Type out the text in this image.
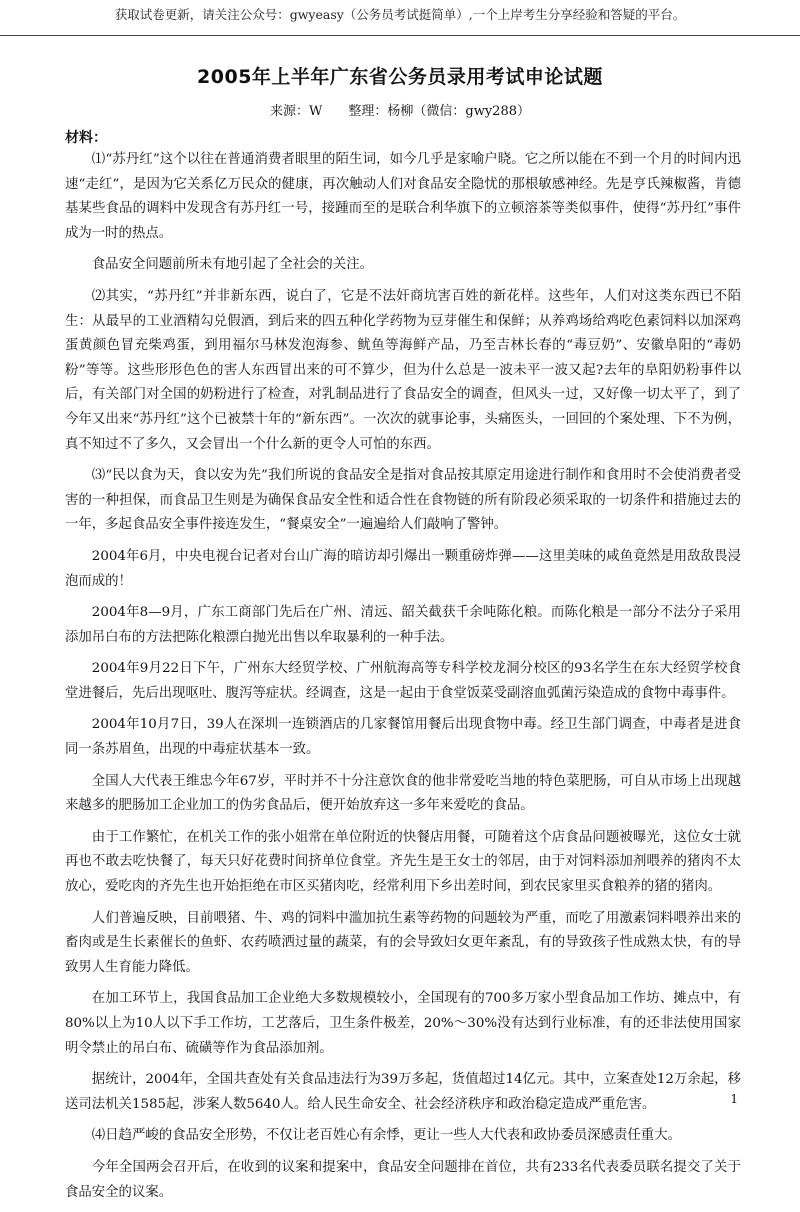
获取试卷更新，请关注公众号：gwyeasy（公务员考试挺简单）,一个上岸考生分享经验和答疑的平台。
2005年上半年广东省公务员录用考试申论试题
来源：W　　整理：杨柳（微信：gwy288）
材料：

⑴“苏丹红”这个以往在普通消费者眼里的陌生词，如今几乎是家喻户晓。它之所以能在不到一个月的时间内迅速“走红”，是因为它关系亿万民众的健康，再次触动人们对食品安全隐忧的那根敏感神经。先是亨氏辣椒酱，肯德基某些食品的调料中发现含有苏丹红一号，接踵而至的是联合利华旗下的立顿溶茶等类似事件，使得“苏丹红”事件成为一时的热点。

食品安全问题前所未有地引起了全社会的关注。

⑵其实，“苏丹红”并非新东西，说白了，它是不法奸商坑害百姓的新花样。这些年，人们对这类东西已不陌生：从最早的工业酒精勾兑假酒，到后来的四五种化学药物为豆芽催生和保鲜；从养鸡场给鸡吃色素饲料以加深鸡蛋黄颜色冒充柴鸡蛋，到用福尔马林发泡海参、鱿鱼等海鲜产品，乃至吉林长春的“毒豆奶”、安徽阜阳的“毒奶粉”等等。这些形形色色的害人东西冒出来的可不算少，但为什么总是一波未平一波又起?去年的阜阳奶粉事件以后，有关部门对全国的奶粉进行了检查，对乳制品进行了食品安全的调查，但风头一过，又好像一切太平了，到了今年又出来“苏丹红”这个已被禁十年的“新东西”。一次次的就事论事，头痛医头，一回回的个案处理、下不为例，真不知过不了多久，又会冒出一个什么新的更令人可怕的东西。

⑶“民以食为天，食以安为先”我们所说的食品安全是指对食品按其原定用途进行制作和食用时不会使消费者受害的一种担保，而食品卫生则是为确保食品安全性和适合性在食物链的所有阶段必须采取的一切条件和措施过去的一年，多起食品安全事件接连发生，“餐桌安全”一遍遍给人们敲响了警钟。

2004年6月，中央电视台记者对台山广海的暗访却引爆出一颗重磅炸弹——这里美味的咸鱼竟然是用敌敌畏浸泡而成的！

2004年8—9月，广东工商部门先后在广州、清远、韶关截获千余吨陈化粮。而陈化粮是一部分不法分子采用添加吊白布的方法把陈化粮漂白抛光出售以牟取暴利的一种手法。

2004年9月22日下午，广州东大经贸学校、广州航海高等专科学校龙洞分校区的93名学生在东大经贸学校食堂进餐后，先后出现呕吐、腹泻等症状。经调查，这是一起由于食堂饭菜受副溶血弧菌污染造成的食物中毒事件。

2004年10月7日，39人在深圳一连锁酒店的几家餐馆用餐后出现食物中毒。经卫生部门调查，中毒者是进食同一条苏眉鱼，出现的中毒症状基本一致。

全国人大代表王维忠今年67岁，平时并不十分注意饮食的他非常爱吃当地的特色菜肥肠，可自从市场上出现越来越多的肥肠加工企业加工的伪劣食品后，便开始放弃这一多年来爱吃的食品。

由于工作繁忙，在机关工作的张小姐常在单位附近的快餐店用餐，可随着这个店食品问题被曝光，这位女士就再也不敢去吃快餐了，每天只好花费时间挤单位食堂。齐先生是王女士的邻居，由于对饲料添加剂喂养的猪肉不太放心，爱吃肉的齐先生也开始拒绝在市区买猪肉吃，经常利用下乡出差时间，到农民家里买食粮养的猪的猪肉。

人们普遍反映，目前喂猪、牛、鸡的饲料中滥加抗生素等药物的问题较为严重，而吃了用激素饲料喂养出来的畜肉或是生长素催长的鱼虾、农药喷洒过量的蔬菜，有的会导致妇女更年紊乱，有的导致孩子性成熟太快，有的导致男人生育能力降低。

在加工环节上，我国食品加工企业绝大多数规模较小，全国现有的700多万家小型食品加工作坊、摊点中，有80%以上为10人以下手工作坊，工艺落后，卫生条件极差，20%～30%没有达到行业标准，有的还非法使用国家明令禁止的吊白布、硫磺等作为食品添加剂。

据统计，2004年，全国共查处有关食品违法行为39万多起，货值超过14亿元。其中，立案查处12万余起，移送司法机关1585起，涉案人数5640人。给人民生命安全、社会经济秩序和政治稳定造成严重危害。

⑷日趋严峻的食品安全形势，不仅让老百姓心有余悸，更让一些人大代表和政协委员深感责任重大。

今年全国两会召开后，在收到的议案和提案中，食品安全问题排在首位，共有233名代表委员联名提交了关于食品安全的议案。

1
